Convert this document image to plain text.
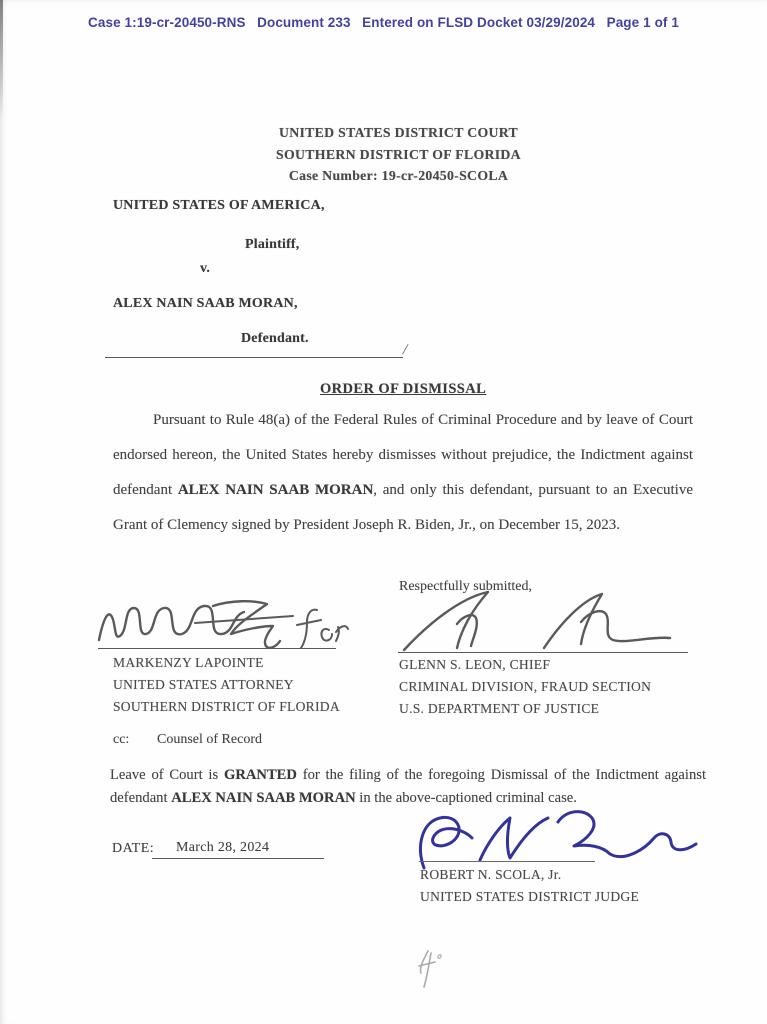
Case 1:19-cr-20450-RNS   Document 233   Entered on FLSD Docket 03/29/2024   Page 1 of 1
UNITED STATES DISTRICT COURT
SOUTHERN DISTRICT OF FLORIDA
Case Number: 19-cr-20450-SCOLA
UNITED STATES OF AMERICA,
Plaintiff,
v.
ALEX NAIN SAAB MORAN,
Defendant.
/
ORDER OF DISMISSAL

Pursuant to Rule 48(a) of the Federal Rules of Criminal Procedure and by leave of Court endorsed hereon, the United States hereby dismisses without prejudice, the Indictment against defendant ALEX NAIN SAAB MORAN, and only this defendant, pursuant to an Executive Grant of Clemency signed by President Joseph R. Biden, Jr., on December 15, 2023.

Respectfully submitted,
MARKENZY LAPOINTE
UNITED STATES ATTORNEY
SOUTHERN DISTRICT OF FLORIDA
GLENN S. LEON, CHIEF
CRIMINAL DIVISION, FRAUD SECTION
U.S. DEPARTMENT OF JUSTICE
cc: Counsel of Record

Leave of Court is GRANTED for the filing of the foregoing Dismissal of the Indictment against defendant ALEX NAIN SAAB MORAN in the above-captioned criminal case.

DATE: March 28, 2024
ROBERT N. SCOLA, Jr.
UNITED STATES DISTRICT JUDGE
